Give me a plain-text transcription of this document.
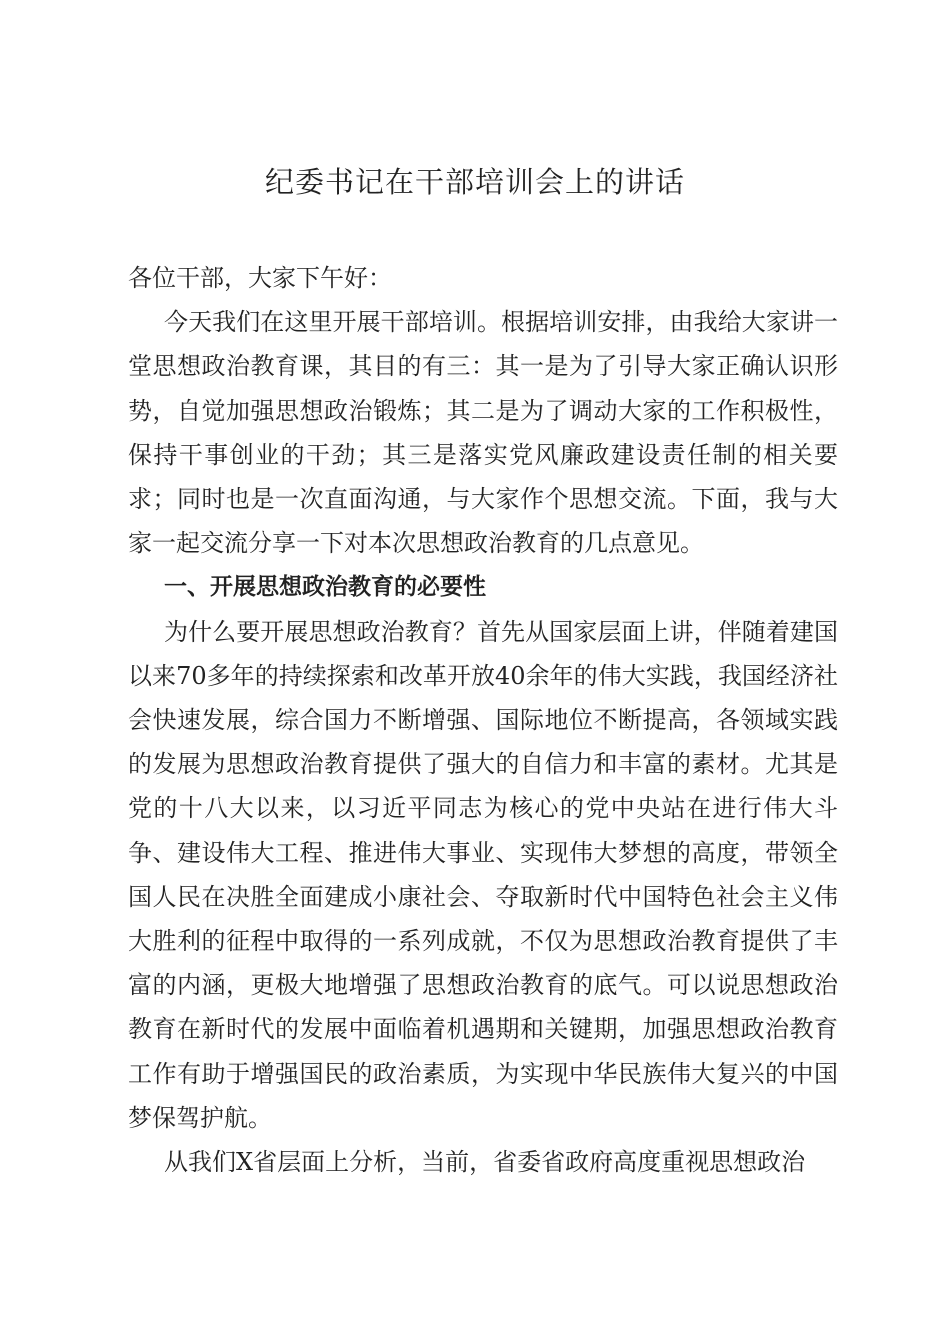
纪委书记在干部培训会上的讲话

各位干部，大家下午好：

今天我们在这里开展干部培训。根据培训安排，由我给大家讲一堂思想政治教育课，其目的有三：其一是为了引导大家正确认识形势，自觉加强思想政治锻炼；其二是为了调动大家的工作积极性，保持干事创业的干劲；其三是落实党风廉政建设责任制的相关要求；同时也是一次直面沟通，与大家作个思想交流。下面，我与大家一起交流分享一下对本次思想政治教育的几点意见。

一、开展思想政治教育的必要性

为什么要开展思想政治教育？首先从国家层面上讲，伴随着建国以来70多年的持续探索和改革开放40余年的伟大实践，我国经济社会快速发展，综合国力不断增强、国际地位不断提高，各领域实践的发展为思想政治教育提供了强大的自信力和丰富的素材。尤其是党的十八大以来，以习近平同志为核心的党中央站在进行伟大斗争、建设伟大工程、推进伟大事业、实现伟大梦想的高度，带领全国人民在决胜全面建成小康社会、夺取新时代中国特色社会主义伟大胜利的征程中取得的一系列成就，不仅为思想政治教育提供了丰富的内涵，更极大地增强了思想政治教育的底气。可以说思想政治教育在新时代的发展中面临着机遇期和关键期，加强思想政治教育工作有助于增强国民的政治素质，为实现中华民族伟大复兴的中国梦保驾护航。

从我们X省层面上分析，当前，省委省政府高度重视思想政治
